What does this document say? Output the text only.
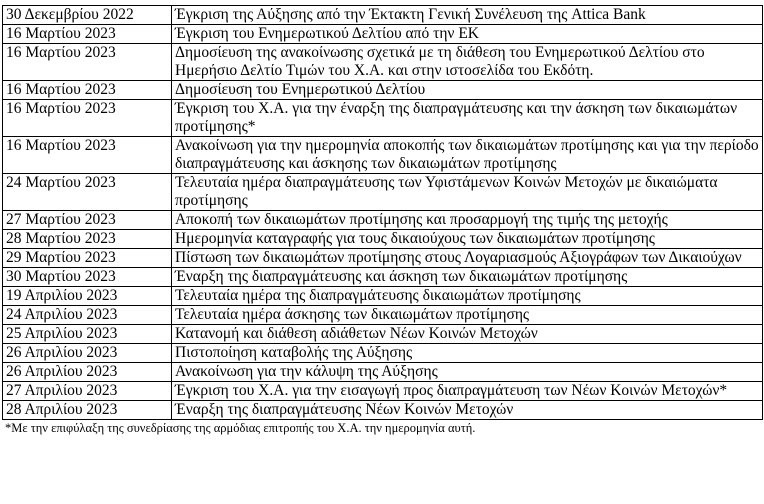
30 Δεκεμβρίου 2022	Έγκριση της Αύξησης από την Έκτακτη Γενική Συνέλευση της Attica Bank
16 Μαρτίου 2023	Έγκριση του Ενημερωτικού Δελτίου από την ΕΚ
16 Μαρτίου 2023	Δημοσίευση της ανακοίνωσης σχετικά με τη διάθεση του Ενημερωτικού Δελτίου στο Ημερήσιο Δελτίο Τιμών του Χ.Α. και στην ιστοσελίδα του Εκδότη.
16 Μαρτίου 2023	Δημοσίευση του Ενημερωτικού Δελτίου
16 Μαρτίου 2023	Έγκριση του Χ.Α. για την έναρξη της διαπραγμάτευσης και την άσκηση των δικαιωμάτων προτίμησης*
16 Μαρτίου 2023	Ανακοίνωση για την ημερομηνία αποκοπής των δικαιωμάτων προτίμησης και για την περίοδο διαπραγμάτευσης και άσκησης των δικαιωμάτων προτίμησης
24 Μαρτίου 2023	Τελευταία ημέρα διαπραγμάτευσης των Υφιστάμενων Κοινών Μετοχών με δικαιώματα προτίμησης
27 Μαρτίου 2023	Αποκοπή των δικαιωμάτων προτίμησης και προσαρμογή της τιμής της μετοχής
28 Μαρτίου 2023	Ημερομηνία καταγραφής για τους δικαιούχους των δικαιωμάτων προτίμησης
29 Μαρτίου 2023	Πίστωση των δικαιωμάτων προτίμησης στους Λογαριασμούς Αξιογράφων των Δικαιούχων
30 Μαρτίου 2023	Έναρξη της διαπραγμάτευσης και άσκηση των δικαιωμάτων προτίμησης
19 Απριλίου 2023	Τελευταία ημέρα της διαπραγμάτευσης δικαιωμάτων προτίμησης
24 Απριλίου 2023	Τελευταία ημέρα άσκησης των δικαιωμάτων προτίμησης
25 Απριλίου 2023	Κατανομή και διάθεση αδιάθετων Νέων Κοινών Μετοχών
26 Απριλίου 2023	Πιστοποίηση καταβολής της Αύξησης
26 Απριλίου 2023	Ανακοίνωση για την κάλυψη της Αύξησης
27 Απριλίου 2023	Έγκριση του Χ.Α. για την εισαγωγή προς διαπραγμάτευση των Νέων Κοινών Μετοχών*
28 Απριλίου 2023	Έναρξη της διαπραγμάτευσης Νέων Κοινών Μετοχών
*Με την επιφύλαξη της συνεδρίασης της αρμόδιας επιτροπής του Χ.Α. την ημερομηνία αυτή.
